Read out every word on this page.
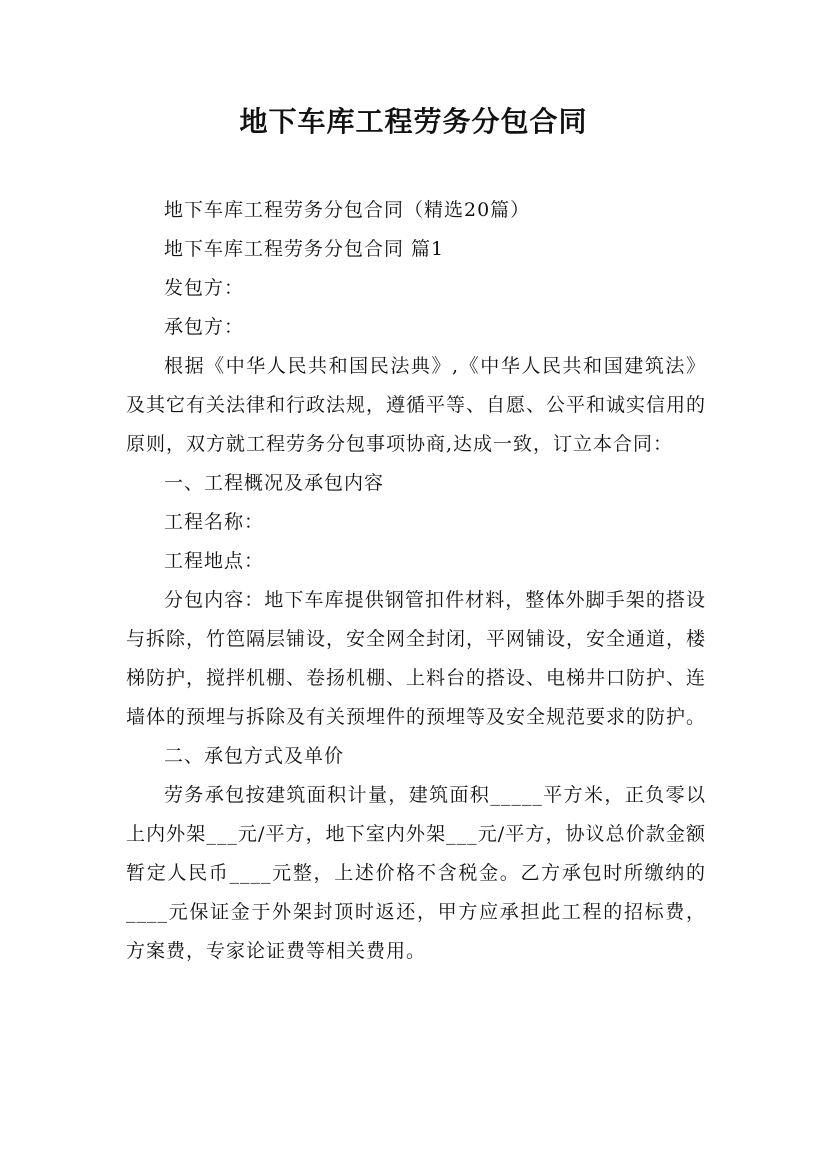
地下车库工程劳务分包合同

地下车库工程劳务分包合同（精选20篇）

地下车库工程劳务分包合同 篇1

发包方：

承包方：

根据《中华人民共和国民法典》,《中华人民共和国建筑法》及其它有关法律和行政法规，遵循平等、自愿、公平和诚实信用的原则，双方就工程劳务分包事项协商,达成一致，订立本合同：

一、工程概况及承包内容

工程名称：

工程地点：

分包内容：地下车库提供钢管扣件材料，整体外脚手架的搭设与拆除，竹笆隔层铺设，安全网全封闭，平网铺设，安全通道，楼梯防护，搅拌机棚、卷扬机棚、上料台的搭设、电梯井口防护、连墙体的预埋与拆除及有关预埋件的预埋等及安全规范要求的防护。

二、承包方式及单价

劳务承包按建筑面积计量，建筑面积_____平方米，正负零以上内外架___元/平方，地下室内外架___元/平方，协议总价款金额暂定人民币____元整，上述价格不含税金。乙方承包时所缴纳的____元保证金于外架封顶时返还，甲方应承担此工程的招标费，方案费，专家论证费等相关费用。
